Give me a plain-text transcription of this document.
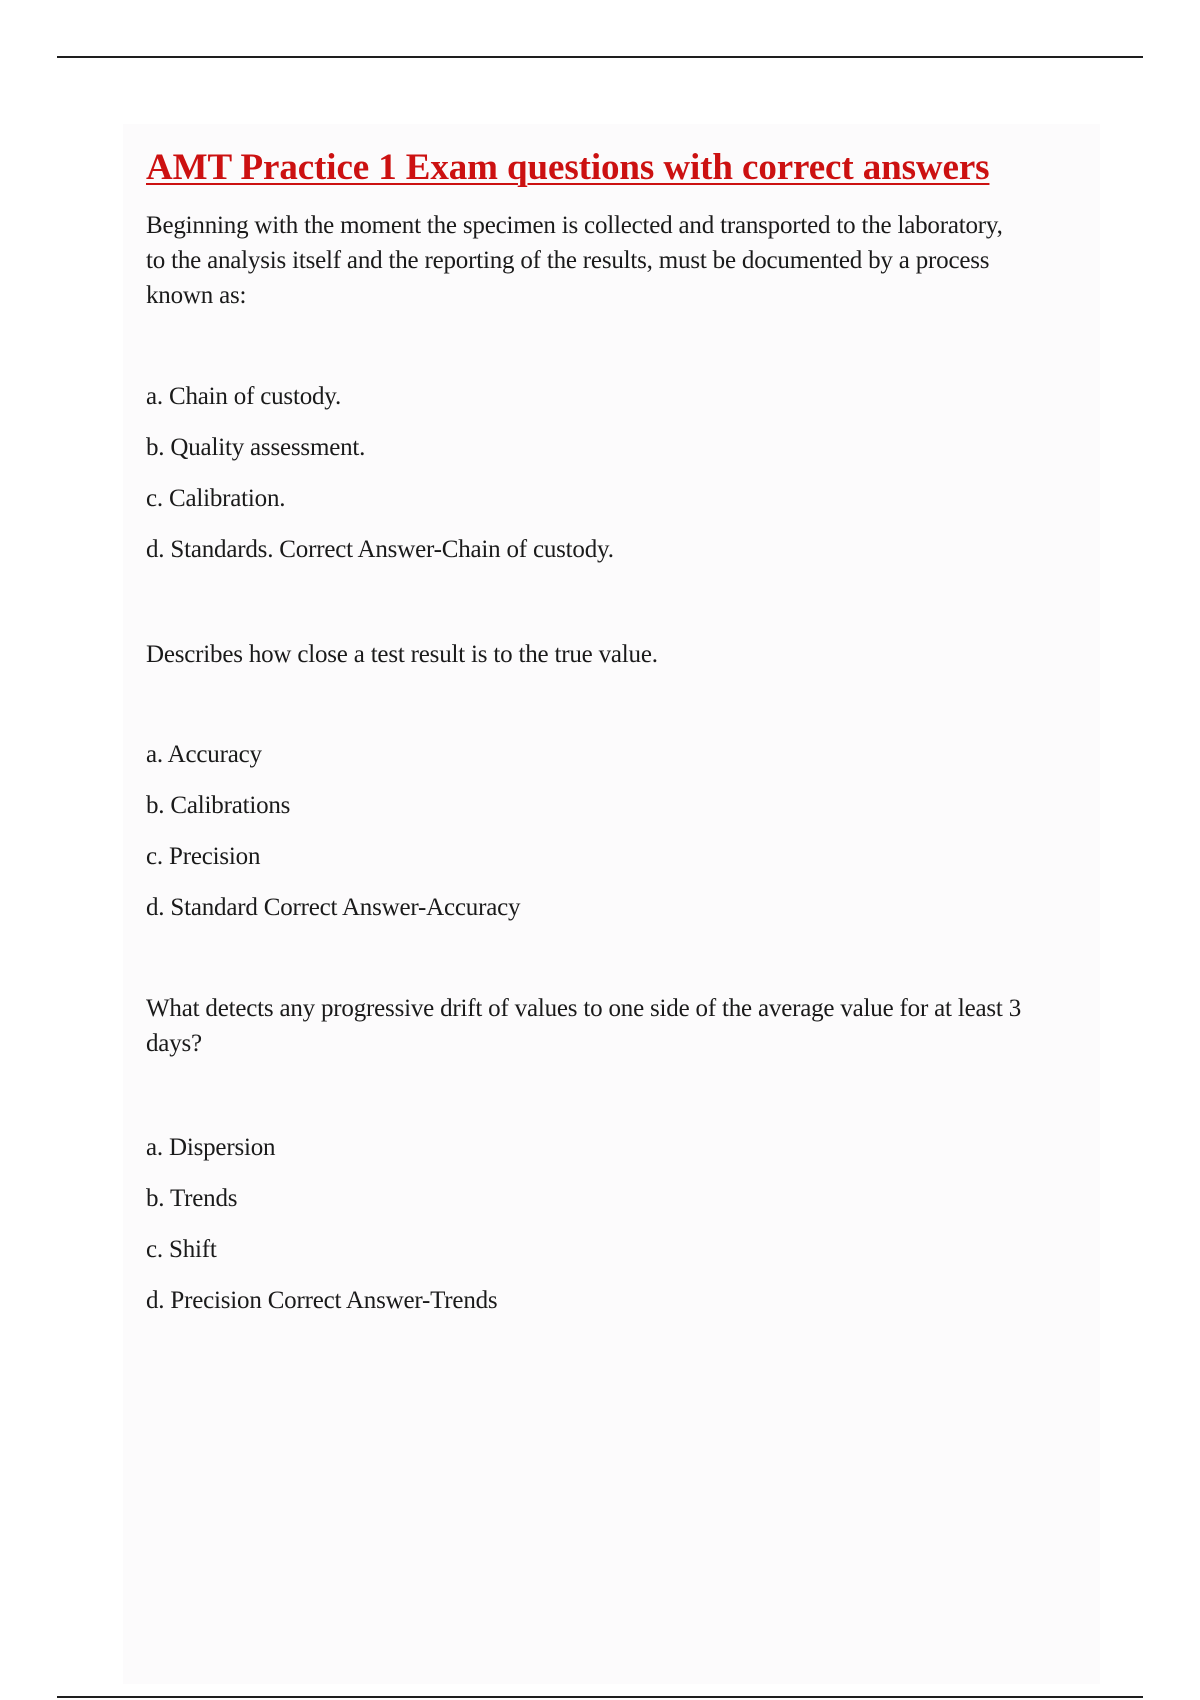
AMT Practice 1 Exam questions with correct answers

Beginning with the moment the specimen is collected and transported to the laboratory, to the analysis itself and the reporting of the results, must be documented by a process known as:

a. Chain of custody.

b. Quality assessment.

c. Calibration.

d. Standards. Correct Answer-Chain of custody.

Describes how close a test result is to the true value.

a. Accuracy

b. Calibrations

c. Precision

d. Standard Correct Answer-Accuracy

What detects any progressive drift of values to one side of the average value for at least 3 days?

a. Dispersion

b. Trends

c. Shift

d. Precision Correct Answer-Trends
